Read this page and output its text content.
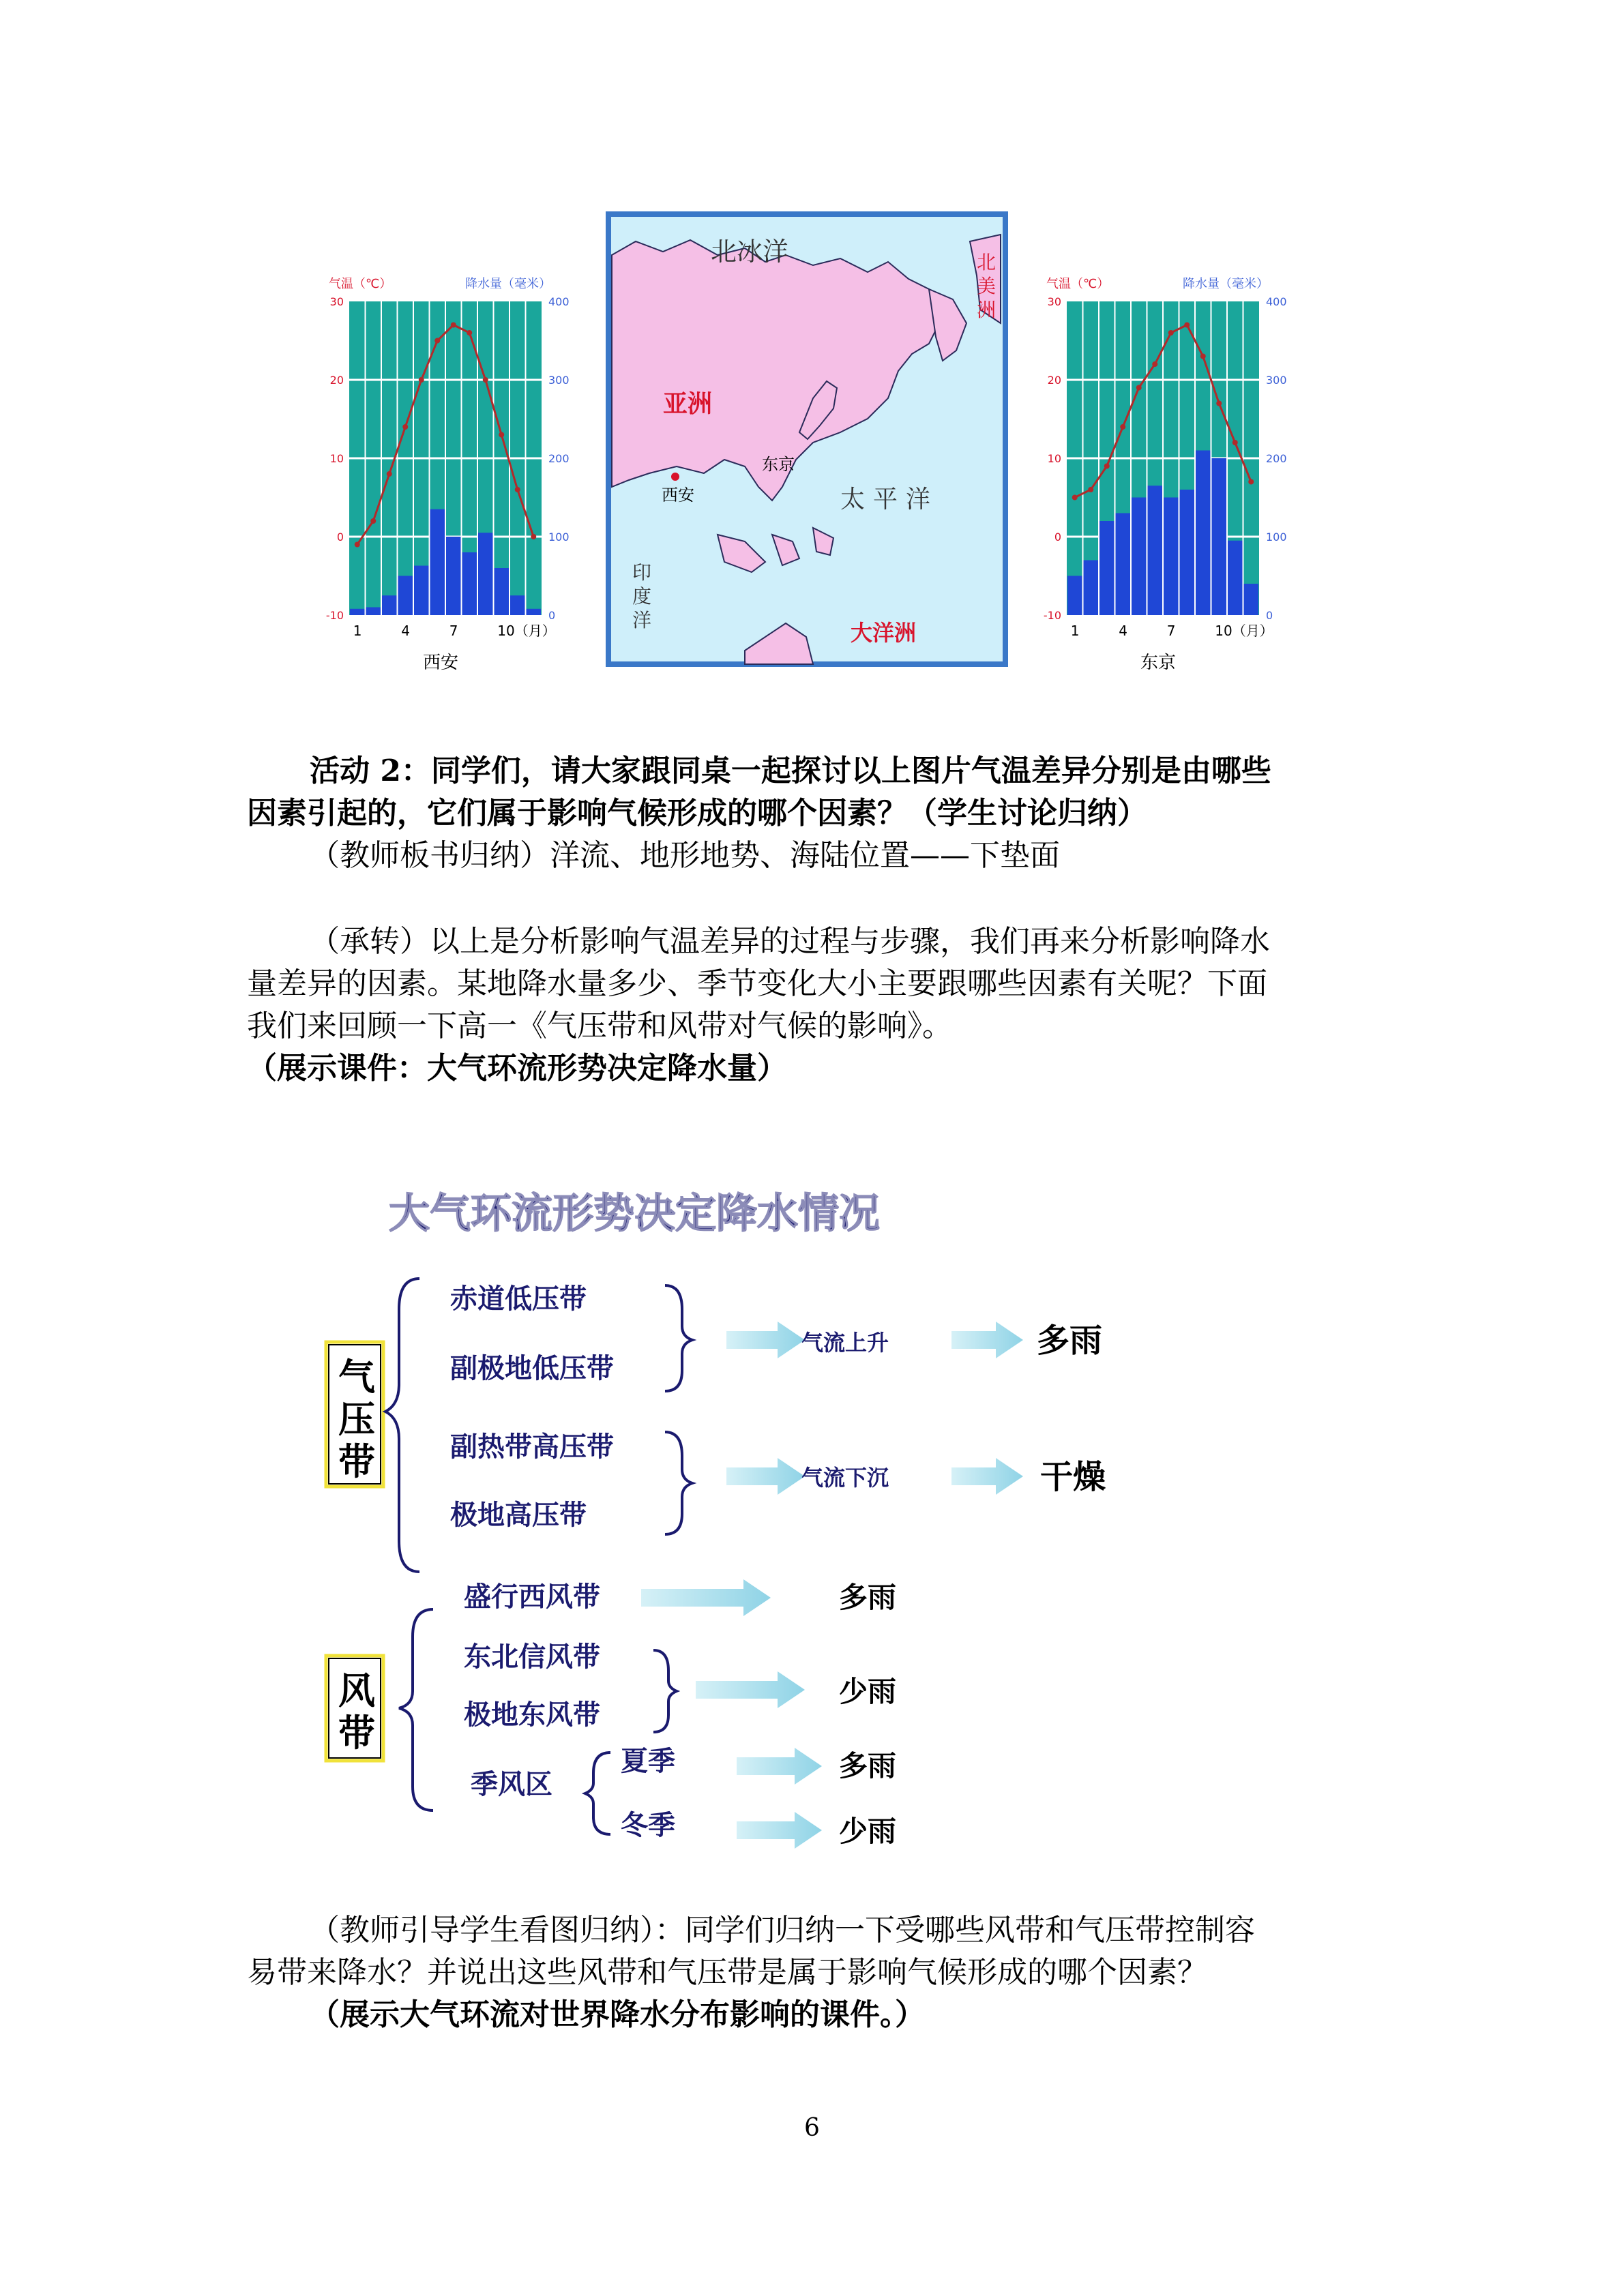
气温（℃）	降水量（毫米）
30
20
10
0
-10
400
300
200
100
0
1	4	7	10（月）
西安
北冰洋	北
美
洲
亚洲
西安
东京
太平洋
印
度
洋	大洋洲
气温（℃）	降水量（毫米）
30
20
10
0
-10
400
300
200
100
0
1	4	7	10（月）
东京
活动 2：同学们，请大家跟同桌一起探讨以上图片气温差异分别是由哪些
因素引起的，它们属于影响气候形成的哪个因素？（学生讨论归纳）
（教师板书归纳）洋流、地形地势、海陆位置——下垫面
（承转）以上是分析影响气温差异的过程与步骤，我们再来分析影响降水
量差异的因素。某地降水量多少、季节变化大小主要跟哪些因素有关呢？下面
我们来回顾一下高一《气压带和风带对气候的影响》。
（展示课件：大气环流形势决定降水量）
大气环流形势决定降水情况
气
压
带
赤道低压带
副极地低压带
气流上升	多雨
副热带高压带
极地高压带
气流下沉	干燥
风
带
盛行西风带	多雨
东北信风带
极地东风带
少雨
季风区
夏季	多雨
冬季	少雨
（教师引导学生看图归纳）：同学们归纳一下受哪些风带和气压带控制容
易带来降水？并说出这些风带和气压带是属于影响气候形成的哪个因素？
（展示大气环流对世界降水分布影响的课件。）
6
